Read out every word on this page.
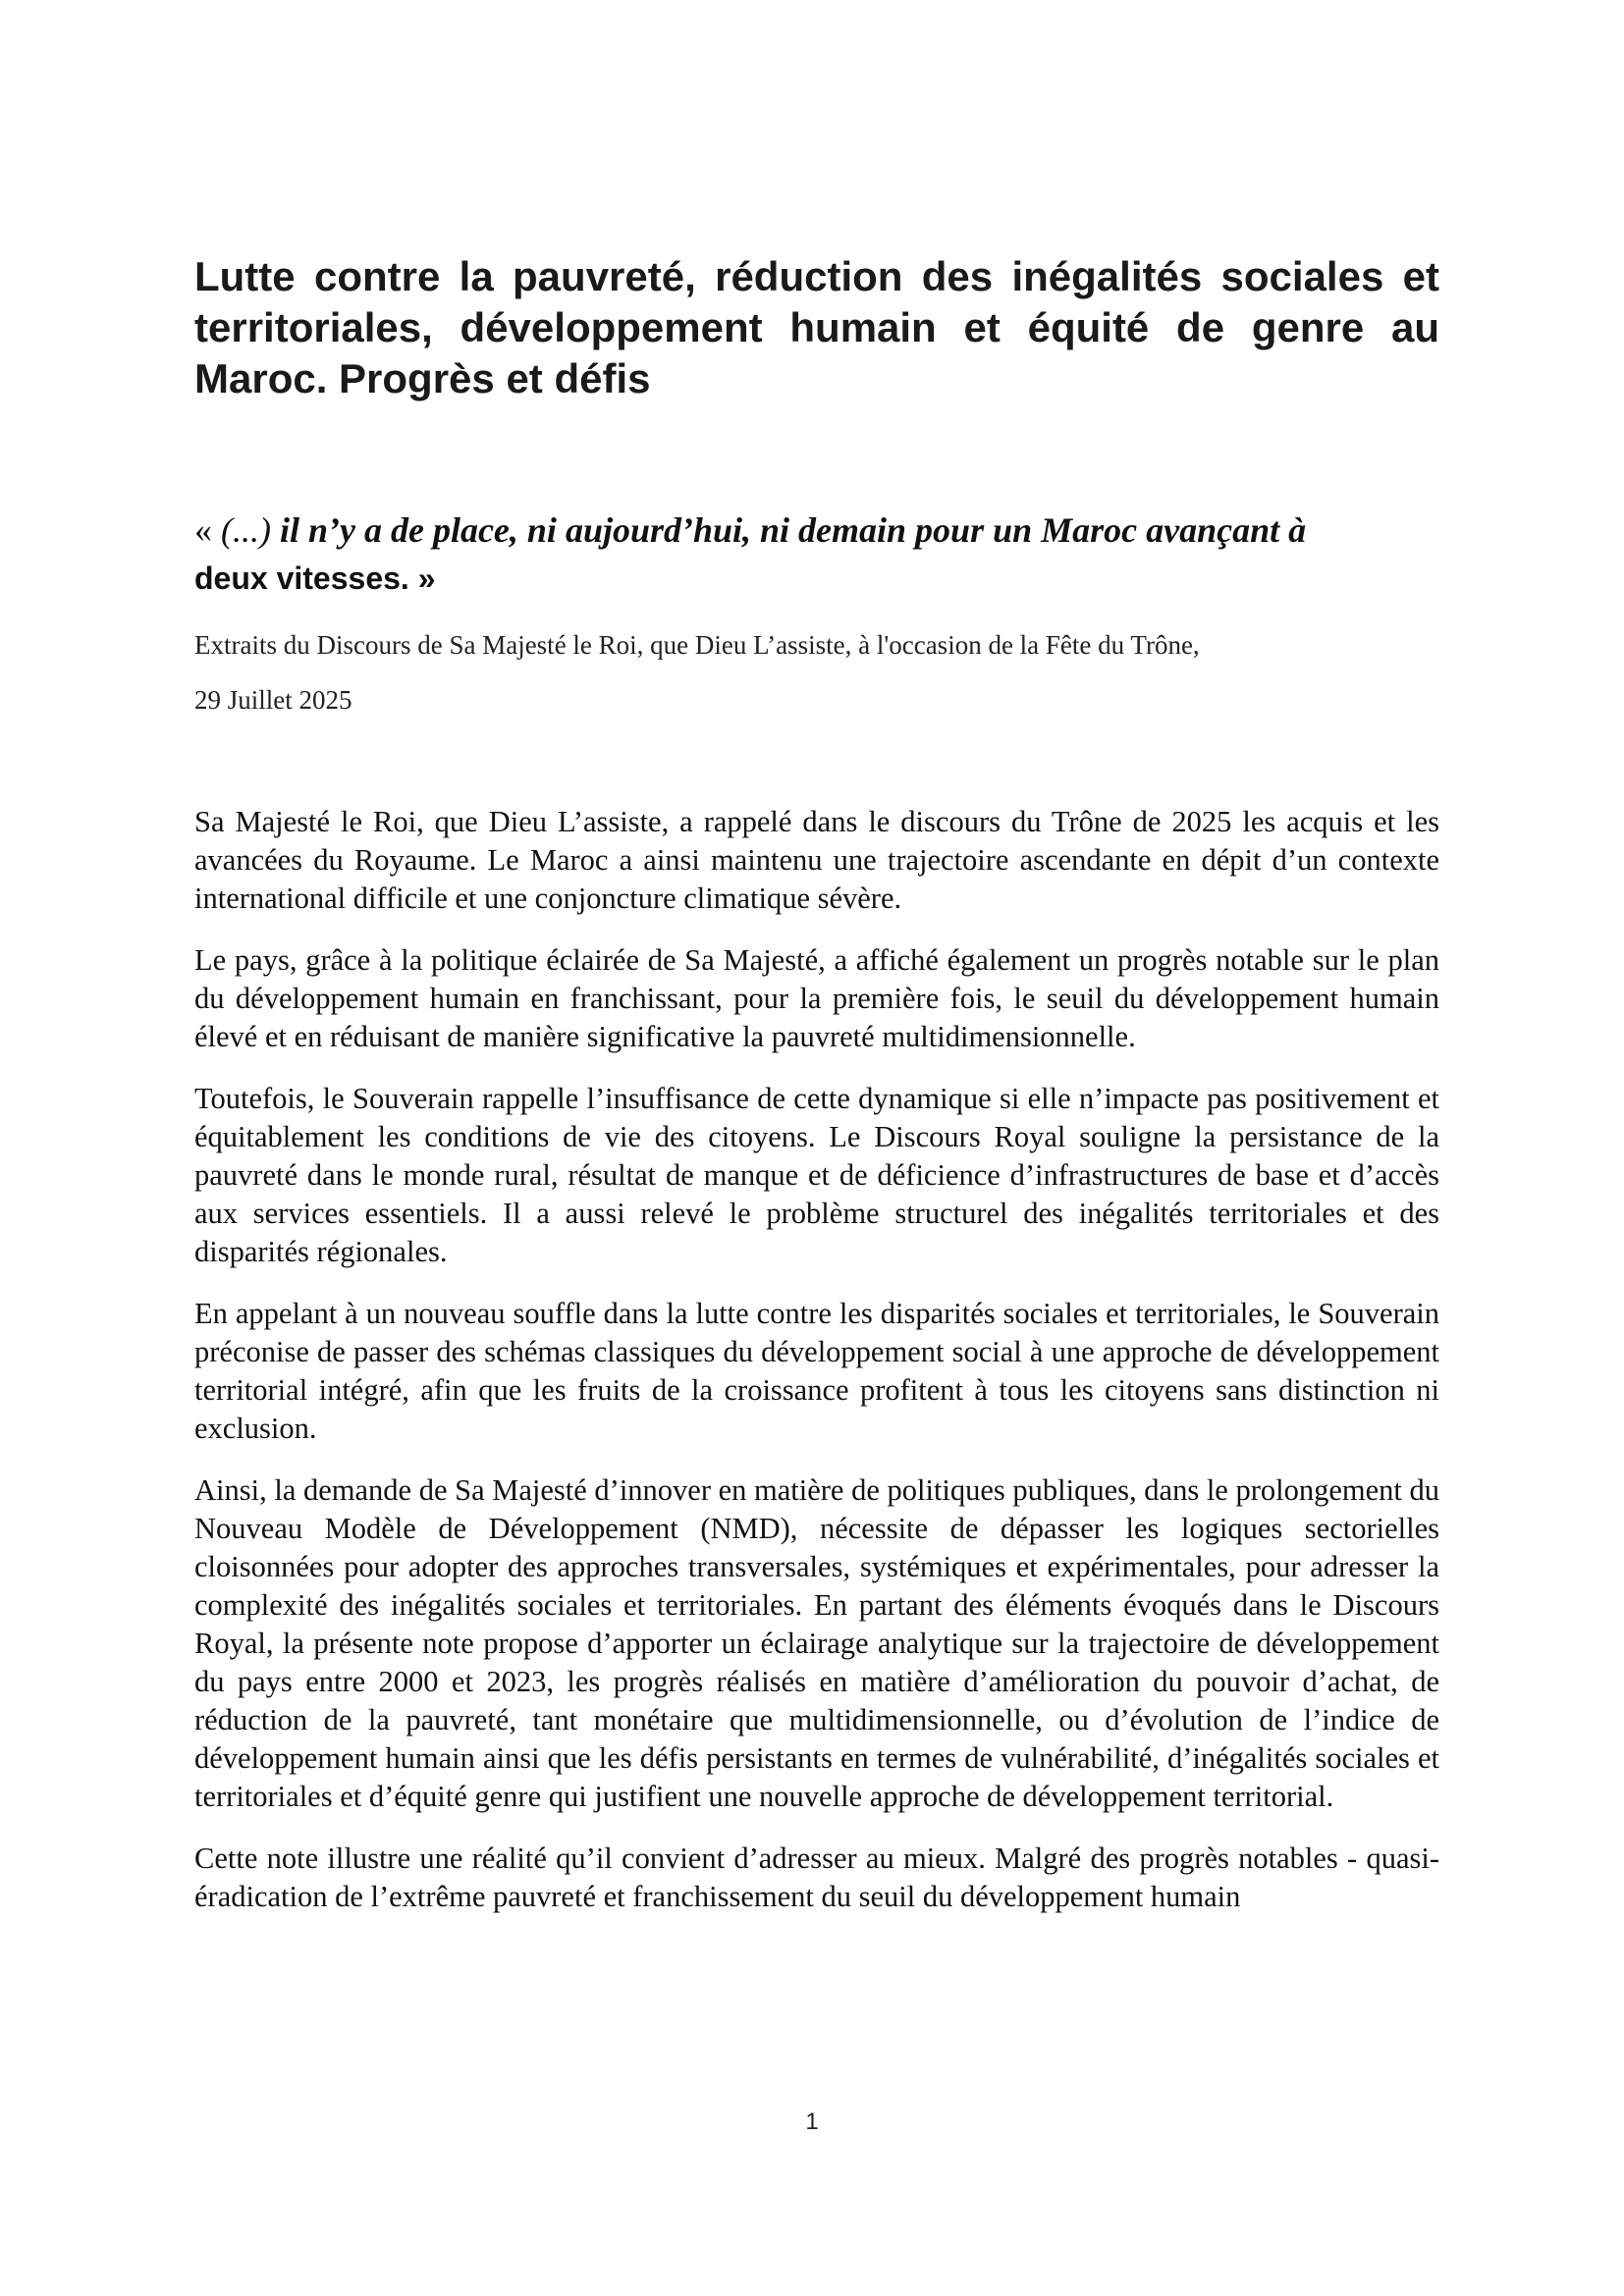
Lutte contre la pauvreté, réduction des inégalités sociales et territoriales, développement humain et équité de genre au Maroc. Progrès et défis

« (...) il n’y a de place, ni aujourd’hui, ni demain pour un Maroc avançant à
deux vitesses. »

Extraits du Discours de Sa Majesté le Roi, que Dieu L’assiste, à l'occasion de la Fête du Trône,

29 Juillet 2025

Sa Majesté le Roi, que Dieu L’assiste, a rappelé dans le discours du Trône de 2025 les acquis et les avancées du Royaume. Le Maroc a ainsi maintenu une trajectoire ascendante en dépit d’un contexte international difficile et une conjoncture climatique sévère.

Le pays, grâce à la politique éclairée de Sa Majesté, a affiché également un progrès notable sur le plan du développement humain en franchissant, pour la première fois, le seuil du développement humain élevé et en réduisant de manière significative la pauvreté multidimensionnelle.

Toutefois, le Souverain rappelle l’insuffisance de cette dynamique si elle n’impacte pas positivement et équitablement les conditions de vie des citoyens. Le Discours Royal souligne la persistance de la pauvreté dans le monde rural, résultat de manque et de déficience d’infrastructures de base et d’accès aux services essentiels. Il a aussi relevé le problème structurel des inégalités territoriales et des disparités régionales.

En appelant à un nouveau souffle dans la lutte contre les disparités sociales et territoriales, le Souverain préconise de passer des schémas classiques du développement social à une approche de développement territorial intégré, afin que les fruits de la croissance profitent à tous les citoyens sans distinction ni exclusion.

Ainsi, la demande de Sa Majesté d’innover en matière de politiques publiques, dans le prolongement du Nouveau Modèle de Développement (NMD), nécessite de dépasser les logiques sectorielles cloisonnées pour adopter des approches transversales, systémiques et expérimentales, pour adresser la complexité des inégalités sociales et territoriales. En partant des éléments évoqués dans le Discours Royal, la présente note propose d’apporter un éclairage analytique sur la trajectoire de développement du pays entre 2000 et 2023, les progrès réalisés en matière d’amélioration du pouvoir d’achat, de réduction de la pauvreté, tant monétaire que multidimensionnelle, ou d’évolution de l’indice de développement humain ainsi que les défis persistants en termes de vulnérabilité, d’inégalités sociales et territoriales et d’équité genre qui justifient une nouvelle approche de développement territorial.

Cette note illustre une réalité qu’il convient d’adresser au mieux. Malgré des progrès notables - quasi-éradication de l’extrême pauvreté et franchissement du seuil du développement humain

1
